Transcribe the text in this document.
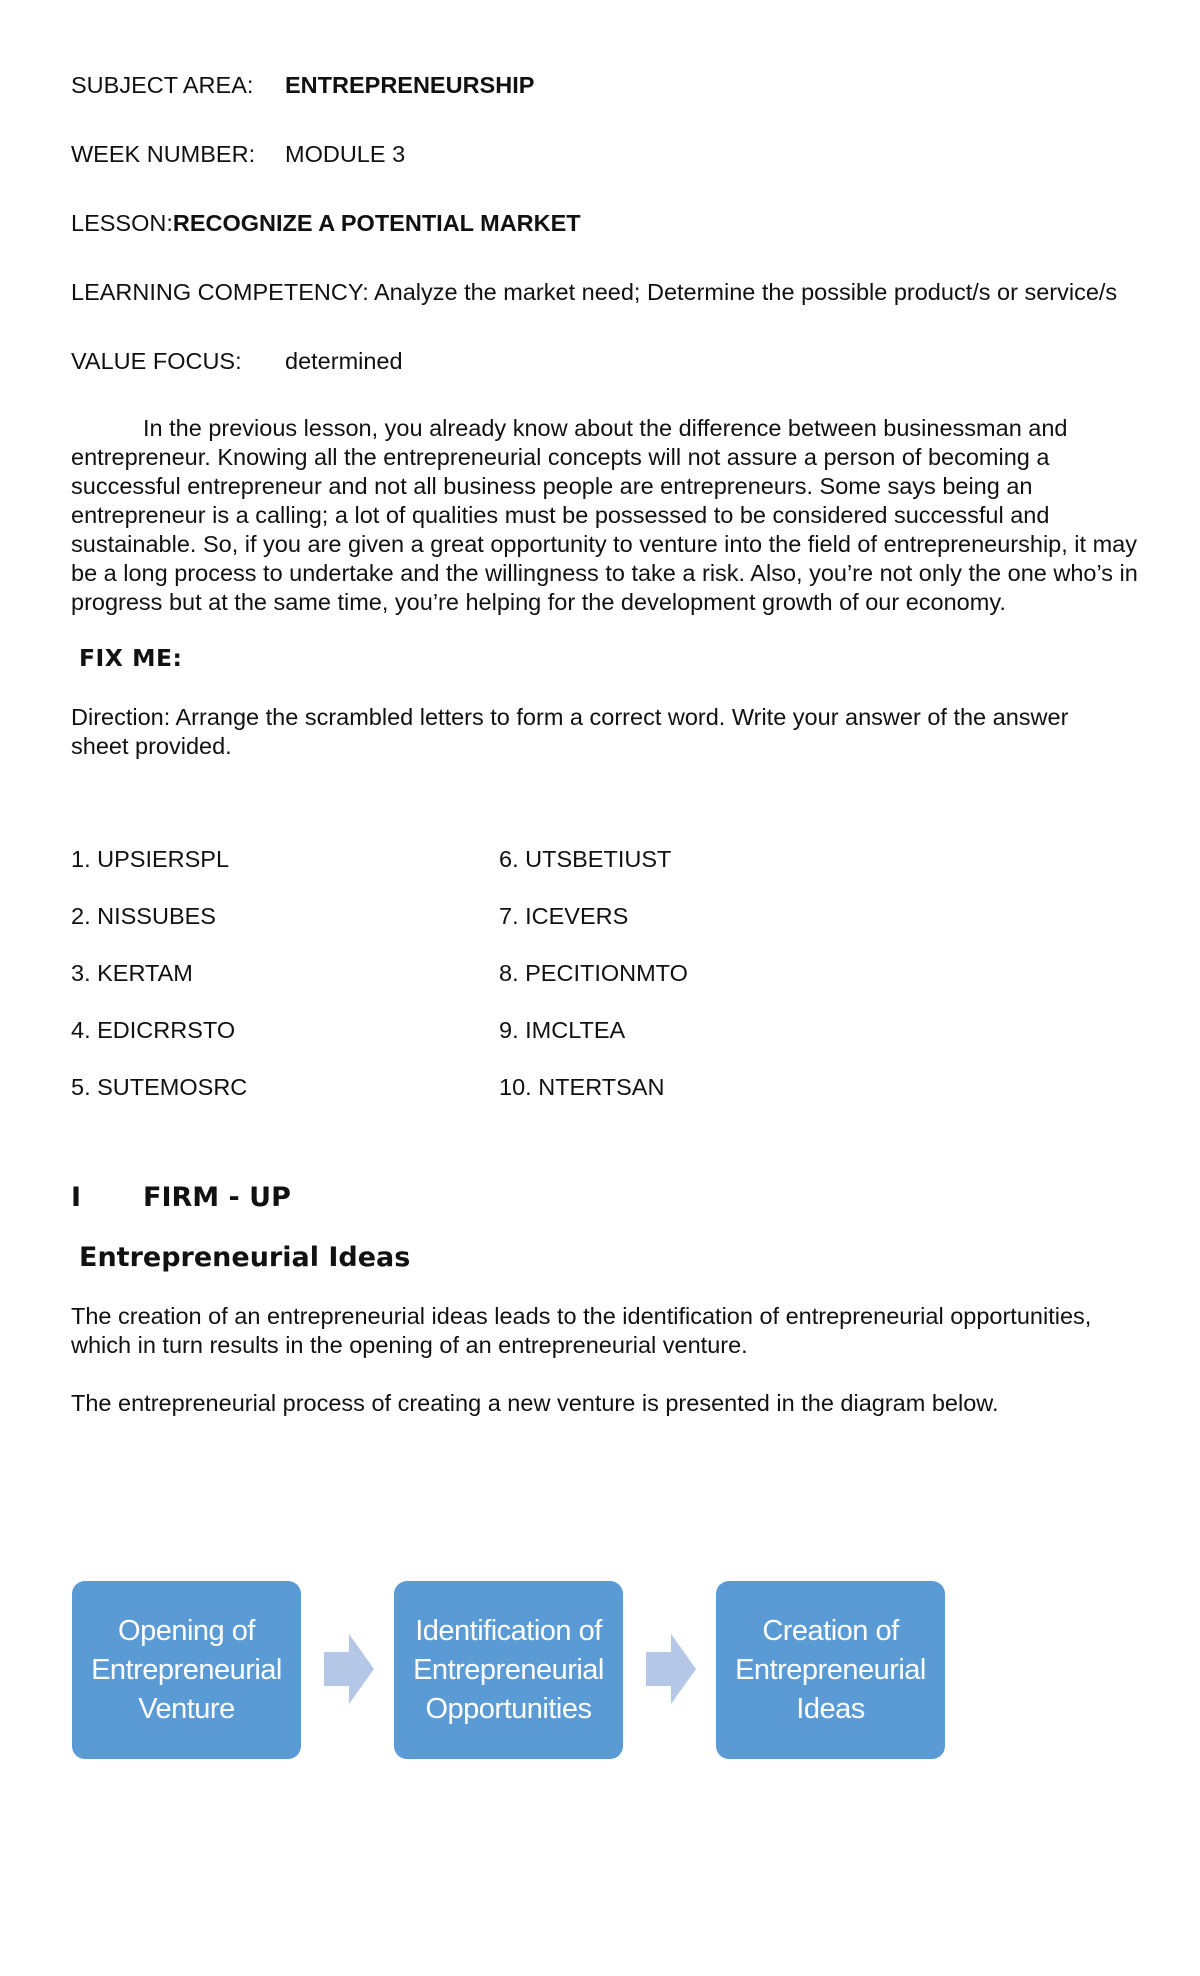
SUBJECT AREA: ENTREPRENEURSHIP
WEEK NUMBER: MODULE 3
LESSON:RECOGNIZE A POTENTIAL MARKET
LEARNING COMPETENCY: Analyze the market need; Determine the possible product/s or service/s
VALUE FOCUS: determined

In the previous lesson, you already know about the difference between businessman and entrepreneur. Knowing all the entrepreneurial concepts will not assure a person of becoming a successful entrepreneur and not all business people are entrepreneurs. Some says being an entrepreneur is a calling; a lot of qualities must be possessed to be considered successful and sustainable. So, if you are given a great opportunity to venture into the field of entrepreneurship, it may be a long process to undertake and the willingness to take a risk. Also, you’re not only the one who’s in progress but at the same time, you’re helping for the development growth of our economy.

FIX ME:

Direction: Arrange the scrambled letters to form a correct word. Write your answer of the answer sheet provided.

1. UPSIERSPL
2. NISSUBES
3. KERTAM
4. EDICRRSTO
5. SUTEMOSRC
6. UTSBETIUST
7. ICEVERS
8. PECITIONMTO
9. IMCLTEA
10. NTERTSAN
I FIRM - UP
Entrepreneurial Ideas

The creation of an entrepreneurial ideas leads to the identification of entrepreneurial opportunities, which in turn results in the opening of an entrepreneurial venture.

The entrepreneurial process of creating a new venture is presented in the diagram below.

Opening of
Entrepreneurial
Venture
Identification of
Entrepreneurial
Opportunities
Creation of
Entrepreneurial
Ideas
